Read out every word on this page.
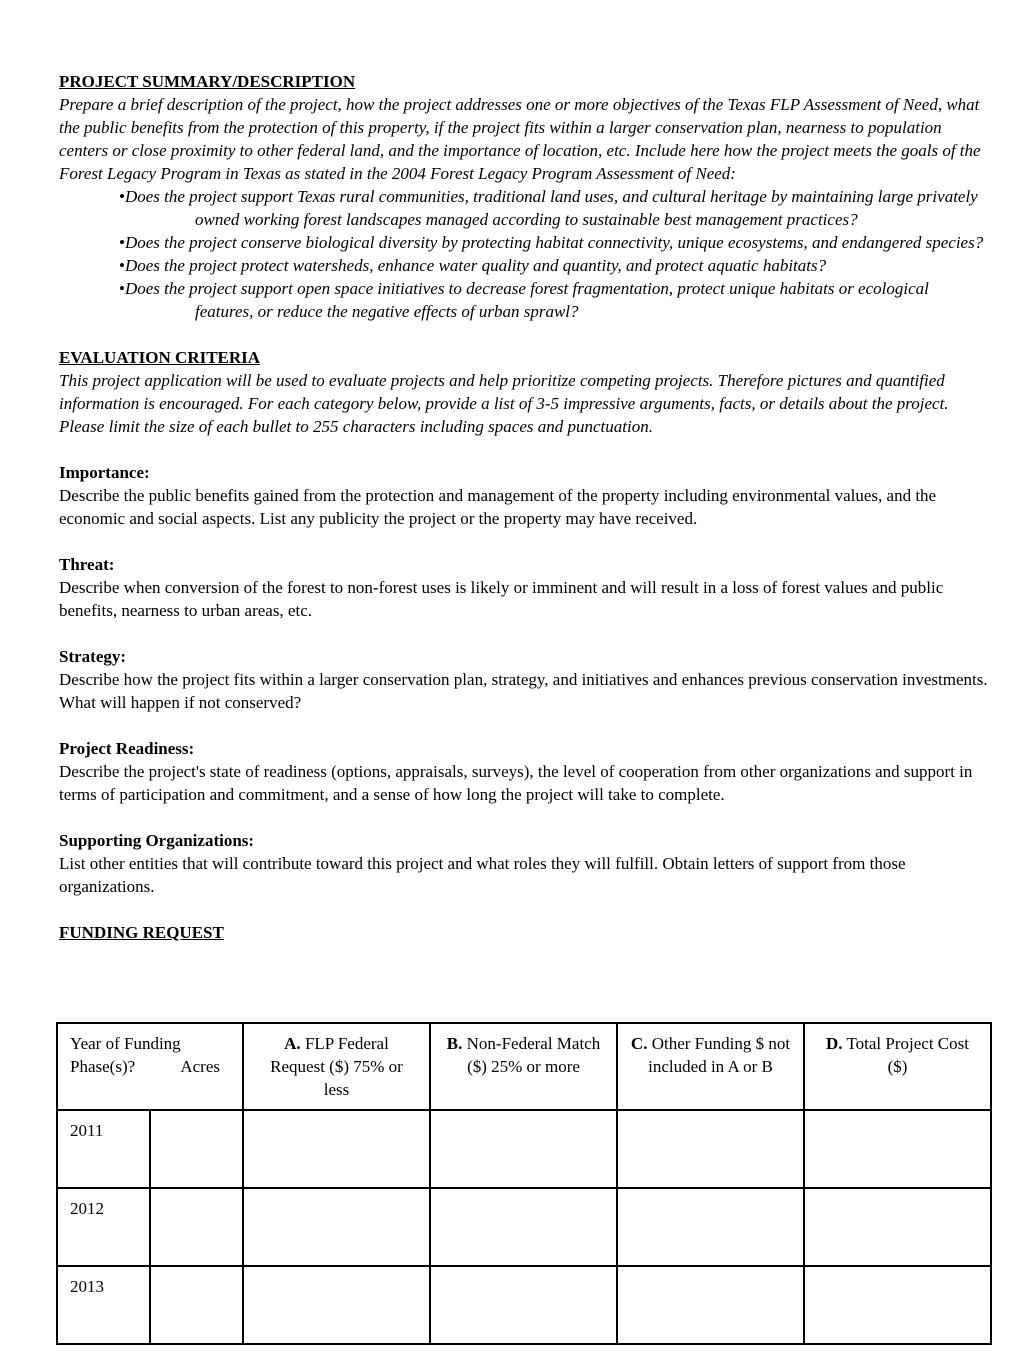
PROJECT SUMMARY/DESCRIPTION

Prepare a brief description of the project, how the project addresses one or more objectives of the Texas FLP Assessment of Need, what the public benefits from the protection of this property, if the project fits within a larger conservation plan, nearness to population centers or close proximity to other federal land, and the importance of location, etc. Include here how the project meets the goals of the Forest Legacy Program in Texas as stated in the 2004 Forest Legacy Program Assessment of Need:

•Does the project support Texas rural communities, traditional land uses, and cultural heritage by maintaining large privately owned working forest landscapes managed according to sustainable best management practices?
•Does the project conserve biological diversity by protecting habitat connectivity, unique ecosystems, and endangered species?
•Does the project protect watersheds, enhance water quality and quantity, and protect aquatic habitats?
•Does the project support open space initiatives to decrease forest fragmentation, protect unique habitats or ecological features, or reduce the negative effects of urban sprawl?

EVALUATION CRITERIA

This project application will be used to evaluate projects and help prioritize competing projects. Therefore pictures and quantified information is encouraged. For each category below, provide a list of 3-5 impressive arguments, facts, or details about the project. Please limit the size of each bullet to 255 characters including spaces and punctuation.

Importance:

Describe the public benefits gained from the protection and management of the property including environmental values, and the economic and social aspects. List any publicity the project or the property may have received.

Threat:

Describe when conversion of the forest to non-forest uses is likely or imminent and will result in a loss of forest values and public benefits, nearness to urban areas, etc.

Strategy:

Describe how the project fits within a larger conservation plan, strategy, and initiatives and enhances previous conservation investments. What will happen if not conserved?

Project Readiness:

Describe the project's state of readiness (options, appraisals, surveys), the level of cooperation from other organizations and support in terms of participation and commitment, and a sense of how long the project will take to complete.

Supporting Organizations:

List other entities that will contribute toward this project and what roles they will fulfill. Obtain letters of support from those organizations.

FUNDING REQUEST

Year of Funding Phase(s)? Acres		A. FLP Federal Request ($) 75% or less	B. Non-Federal Match ($) 25% or more	C. Other Funding $ not included in A or B	D. Total Project Cost ($)
2011					
2012					
2013					
